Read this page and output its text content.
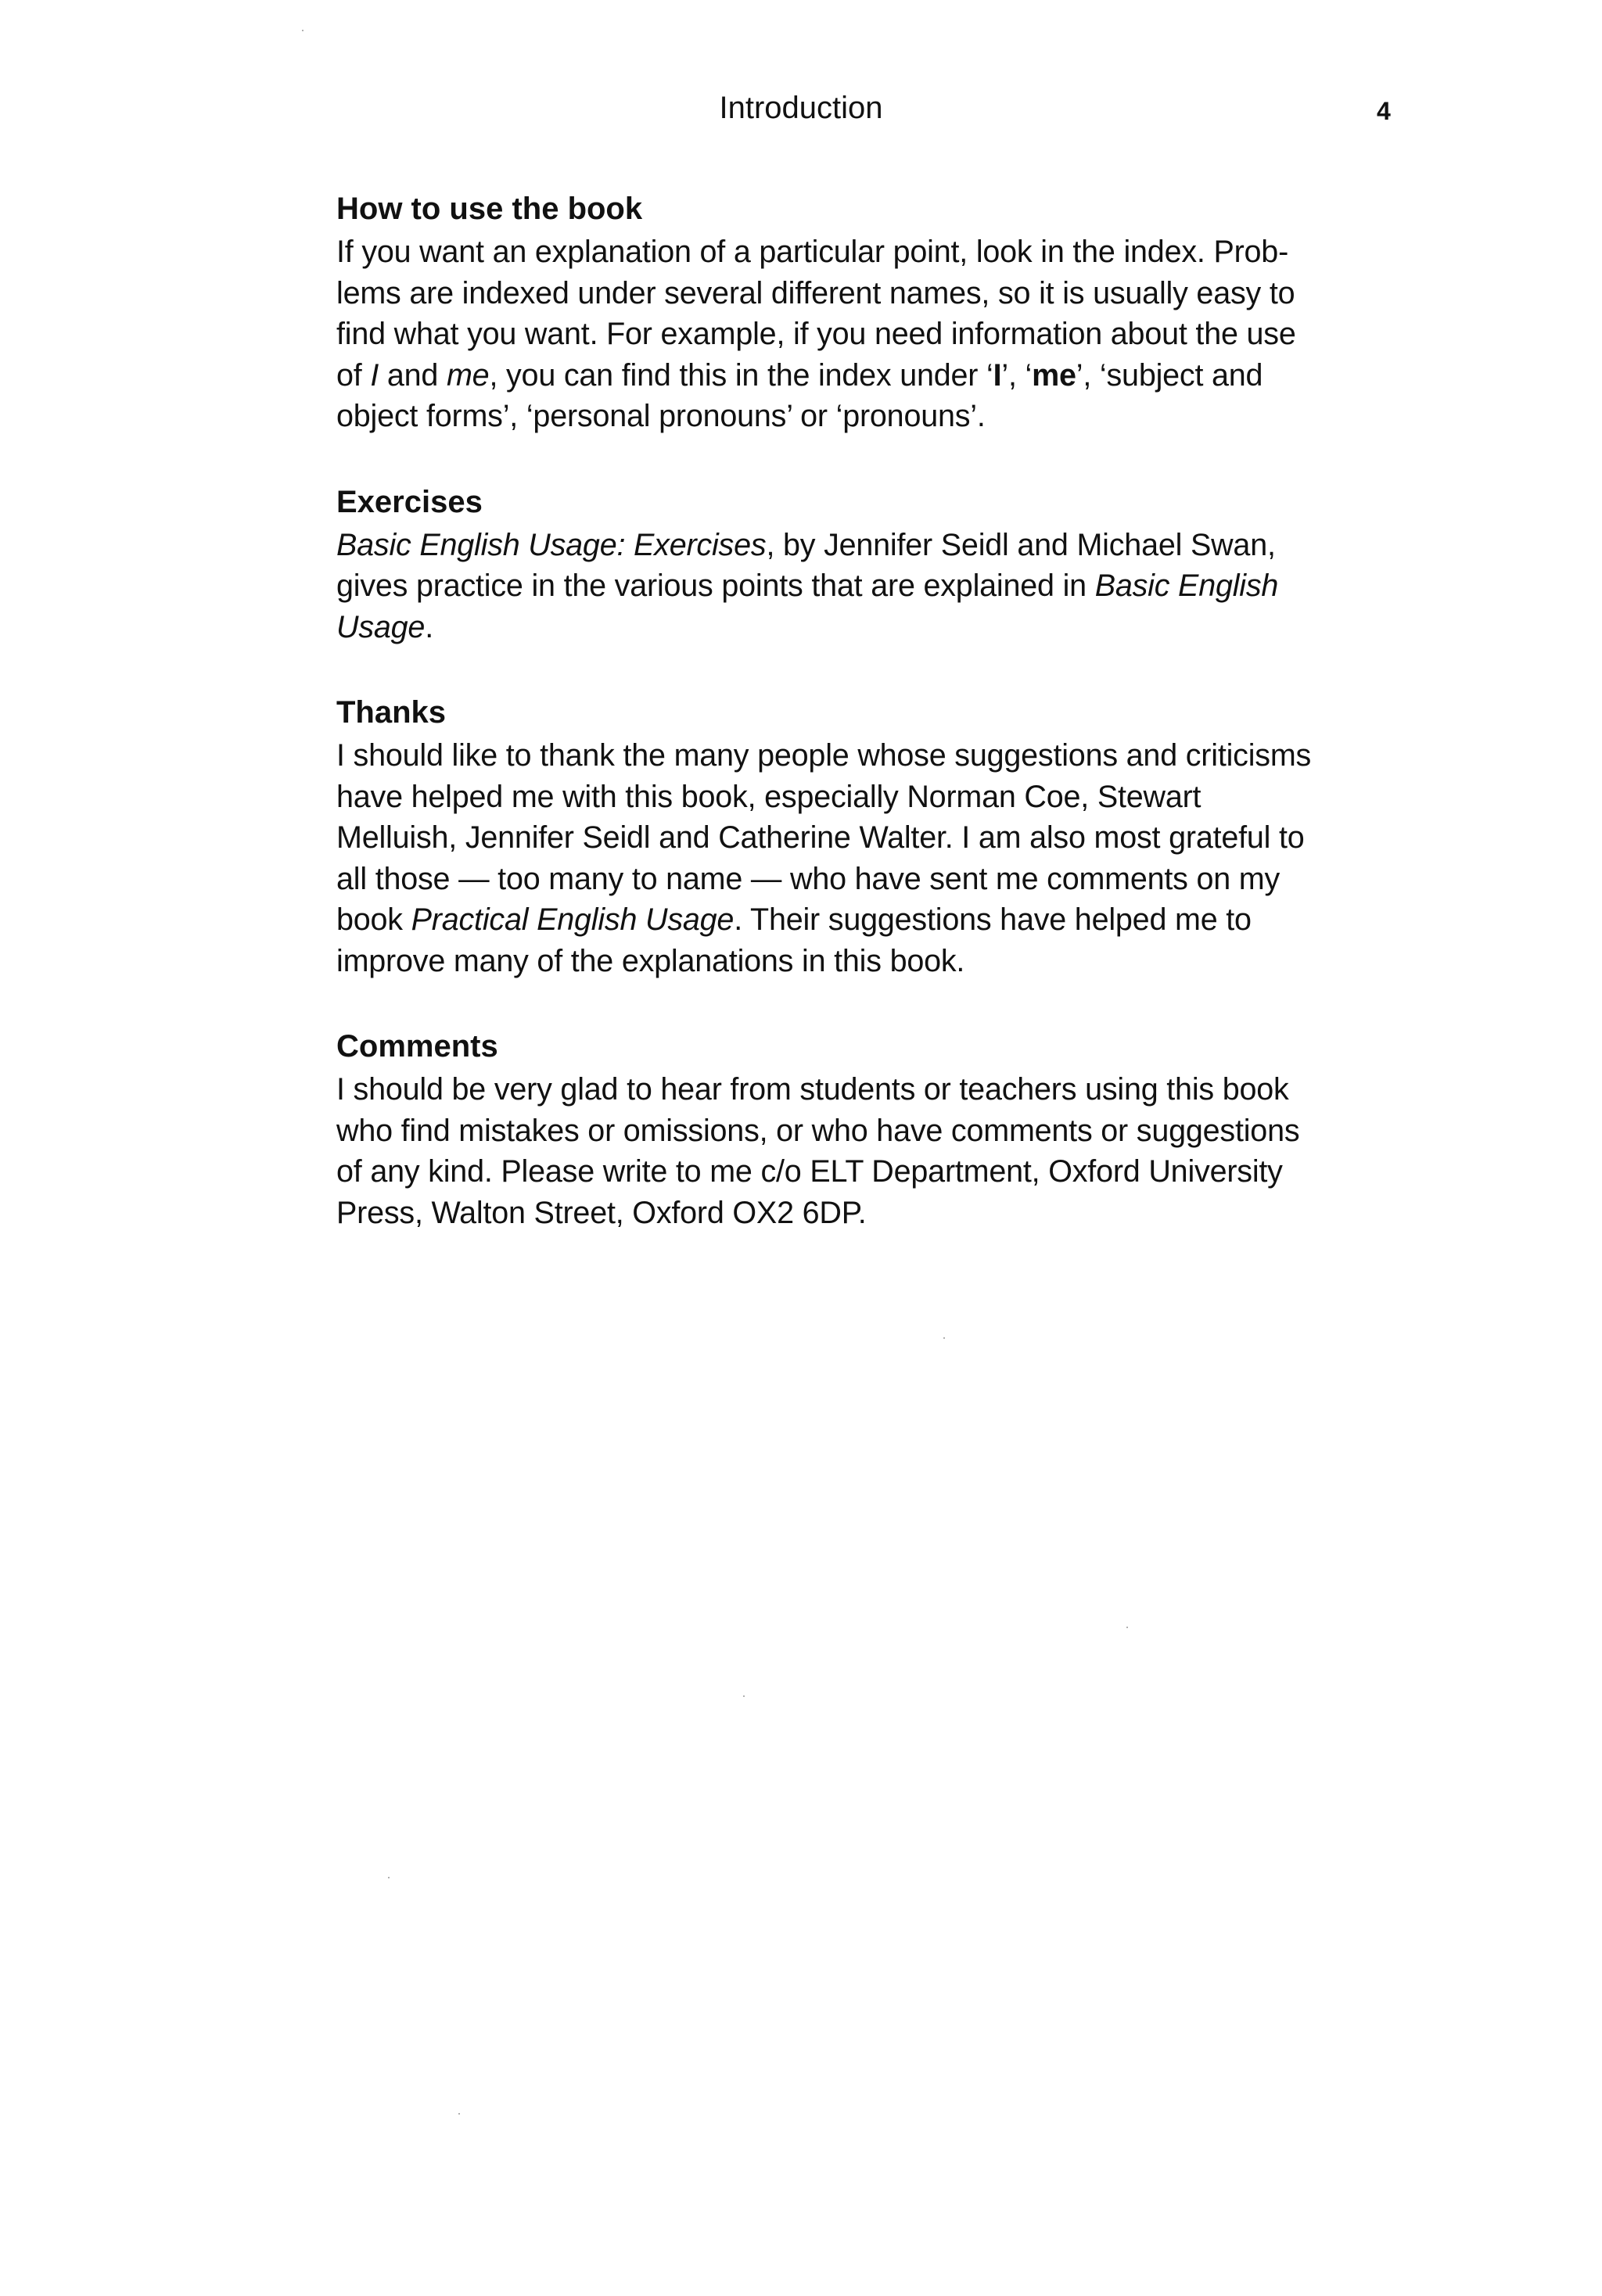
Introduction	4

How to use the book

If you want an explanation of a particular point, look in the index. Prob-
lems are indexed under several different names, so it is usually easy to
find what you want. For example, if you need information about the use
of I and me, you can find this in the index under ‘I’, ‘me’, ‘subject and
object forms’, ‘personal pronouns’ or ‘pronouns’.

Exercises

Basic English Usage: Exercises, by Jennifer Seidl and Michael Swan,
gives practice in the various points that are explained in Basic English
Usage.

Thanks

I should like to thank the many people whose suggestions and criticisms
have helped me with this book, especially Norman Coe, Stewart
Melluish, Jennifer Seidl and Catherine Walter. I am also most grateful to
all those — too many to name — who have sent me comments on my
book Practical English Usage. Their suggestions have helped me to
improve many of the explanations in this book.

Comments

I should be very glad to hear from students or teachers using this book
who find mistakes or omissions, or who have comments or suggestions
of any kind. Please write to me c/o ELT Department, Oxford University
Press, Walton Street, Oxford OX2 6DP.
